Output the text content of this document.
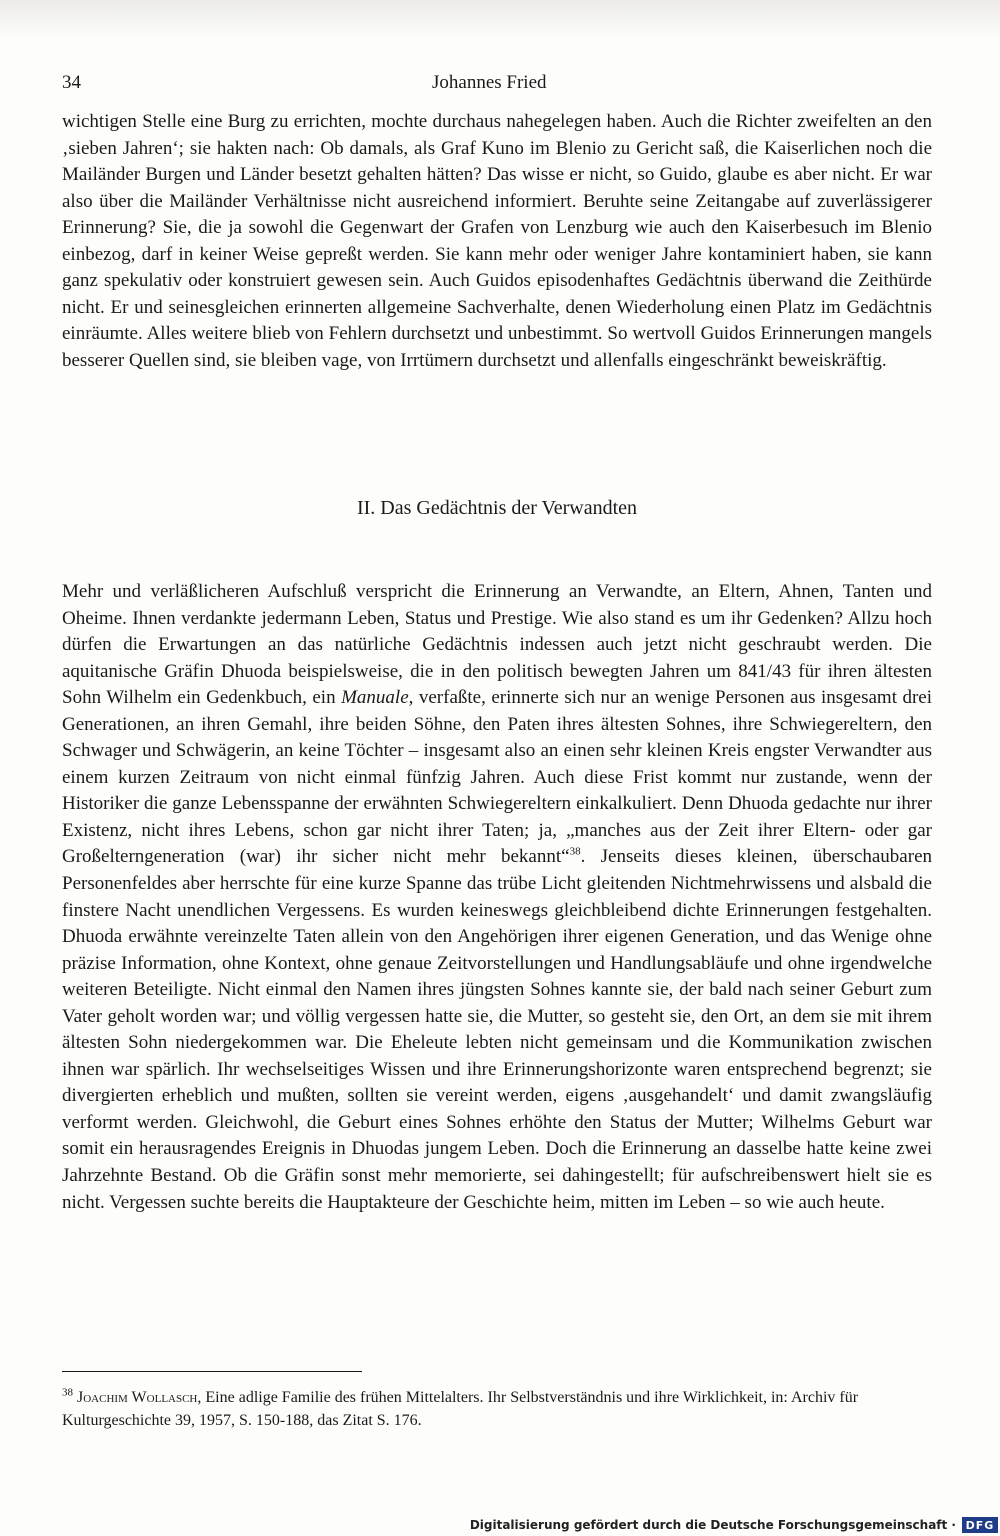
34	Johannes Fried

wichtigen Stelle eine Burg zu errichten, mochte durchaus nahegelegen haben. Auch die Richter zweifelten an den ‚sieben Jahren‘; sie hakten nach: Ob damals, als Graf Kuno im Blenio zu Gericht saß, die Kaiserlichen noch die Mailänder Burgen und Länder besetzt gehalten hätten? Das wisse er nicht, so Guido, glaube es aber nicht. Er war also über die Mailänder Verhältnisse nicht ausreichend informiert. Beruhte seine Zeitangabe auf zuverlässigerer Erinnerung? Sie, die ja sowohl die Gegenwart der Grafen von Lenzburg wie auch den Kaiserbesuch im Blenio einbezog, darf in keiner Weise gepreßt werden. Sie kann mehr oder weniger Jahre kontaminiert haben, sie kann ganz spekulativ oder konstruiert gewesen sein. Auch Guidos episodenhaftes Gedächtnis überwand die Zeithürde nicht. Er und seinesgleichen erinnerten allgemeine Sachverhalte, denen Wiederholung einen Platz im Gedächtnis einräumte. Alles weitere blieb von Fehlern durchsetzt und unbestimmt. So wertvoll Guidos Erinnerungen mangels besserer Quellen sind, sie bleiben vage, von Irrtümern durchsetzt und allenfalls eingeschränkt beweiskräftig.

II. Das Gedächtnis der Verwandten

Mehr und verläßlicheren Aufschluß verspricht die Erinnerung an Verwandte, an Eltern, Ahnen, Tanten und Oheime. Ihnen verdankte jedermann Leben, Status und Prestige. Wie also stand es um ihr Gedenken? Allzu hoch dürfen die Erwartungen an das natürliche Gedächtnis indessen auch jetzt nicht geschraubt werden. Die aquitanische Gräfin Dhuoda beispielsweise, die in den politisch bewegten Jahren um 841/43 für ihren ältesten Sohn Wilhelm ein Gedenkbuch, ein Manuale, verfaßte, erinnerte sich nur an wenige Personen aus insgesamt drei Generationen, an ihren Gemahl, ihre beiden Söhne, den Paten ihres ältesten Sohnes, ihre Schwiegereltern, den Schwager und Schwägerin, an keine Töchter – insgesamt also an einen sehr kleinen Kreis engster Verwandter aus einem kurzen Zeitraum von nicht einmal fünfzig Jahren. Auch diese Frist kommt nur zustande, wenn der Historiker die ganze Lebensspanne der erwähnten Schwiegereltern einkalkuliert. Denn Dhuoda gedachte nur ihrer Existenz, nicht ihres Lebens, schon gar nicht ihrer Taten; ja, „manches aus der Zeit ihrer Eltern- oder gar Großelterngeneration (war) ihr sicher nicht mehr bekannt“$^{38}$. Jenseits dieses kleinen, überschaubaren Personenfeldes aber herrschte für eine kurze Spanne das trübe Licht gleitenden Nichtmehrwissens und alsbald die finstere Nacht unendlichen Vergessens. Es wurden keineswegs gleichbleibend dichte Erinnerungen festgehalten. Dhuoda erwähnte vereinzelte Taten allein von den Angehörigen ihrer eigenen Generation, und das Wenige ohne präzise Information, ohne Kontext, ohne genaue Zeitvorstellungen und Handlungsabläufe und ohne irgendwelche weiteren Beteiligte. Nicht einmal den Namen ihres jüngsten Sohnes kannte sie, der bald nach seiner Geburt zum Vater geholt worden war; und völlig vergessen hatte sie, die Mutter, so gesteht sie, den Ort, an dem sie mit ihrem ältesten Sohn niedergekommen war. Die Eheleute lebten nicht gemeinsam und die Kommunikation zwischen ihnen war spärlich. Ihr wechselseitiges Wissen und ihre Erinnerungshorizonte waren entsprechend begrenzt; sie divergierten erheblich und mußten, sollten sie vereint werden, eigens ‚ausgehandelt‘ und damit zwangsläufig verformt werden. Gleichwohl, die Geburt eines Sohnes erhöhte den Status der Mutter; Wilhelms Geburt war somit ein herausragendes Ereignis in Dhuodas jungem Leben. Doch die Erinnerung an dasselbe hatte keine zwei Jahrzehnte Bestand. Ob die Gräfin sonst mehr memorierte, sei dahingestellt; für aufschreibenswert hielt sie es nicht. Vergessen suchte bereits die Hauptakteure der Geschichte heim, mitten im Leben – so wie auch heute.

$^{38}$ Joachim Wollasch, Eine adlige Familie des frühen Mittelalters. Ihr Selbstverständnis und ihre Wirklichkeit, in: Archiv für Kulturgeschichte 39, 1957, S. 150-188, das Zitat S. 176.

Digitalisierung gefördert durch die Deutsche Forschungsgemeinschaft · DFG
